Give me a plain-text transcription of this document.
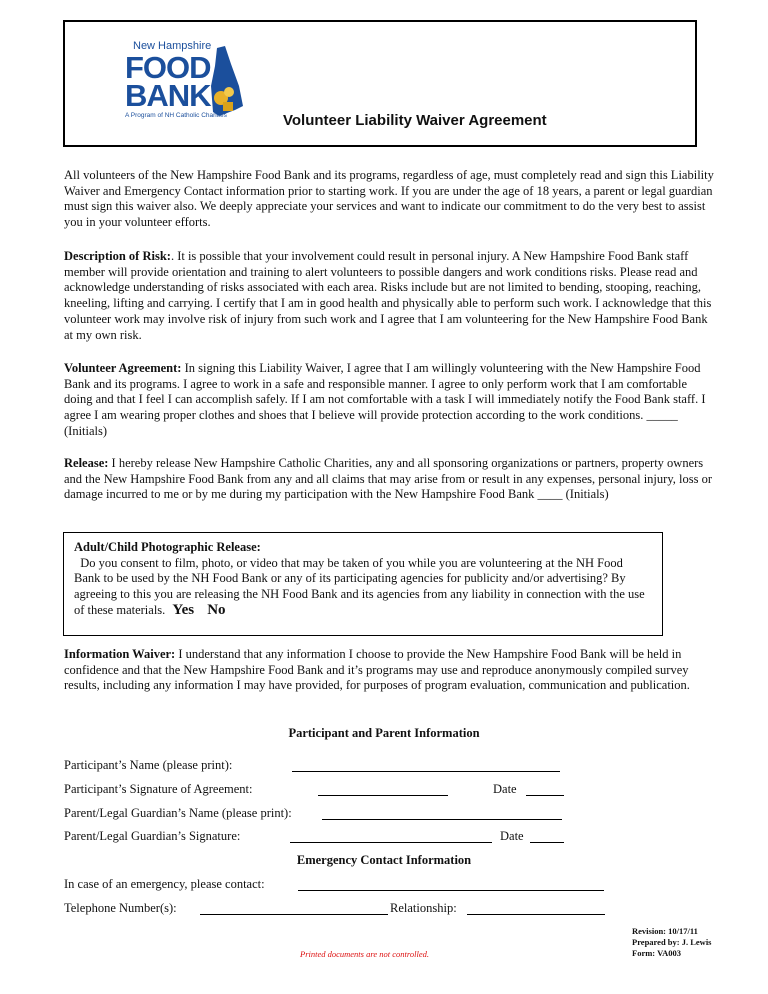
New Hampshire
FOOD
BANK
A Program of NH Catholic Charities	Volunteer Liability Waiver Agreement

All volunteers of the New Hampshire Food Bank and its programs, regardless of age, must completely read and sign this Liability Waiver and Emergency Contact information prior to starting work. If you are under the age of 18 years, a parent or legal guardian must sign this waiver also. We deeply appreciate your services and want to indicate our commitment to do the very best to assist you in your volunteer efforts.

Description of Risk:. It is possible that your involvement could result in personal injury. A New Hampshire Food Bank staff member will provide orientation and training to alert volunteers to possible dangers and work conditions risks. Please read and acknowledge understanding of risks associated with each area. Risks include but are not limited to bending, stooping, reaching, kneeling, lifting and carrying. I certify that I am in good health and physically able to perform such work. I acknowledge that this volunteer work may involve risk of injury from such work and I agree that I am volunteering for the New Hampshire Food Bank at my own risk.

Volunteer Agreement: In signing this Liability Waiver, I agree that I am willingly volunteering with the New Hampshire Food Bank and its programs. I agree to work in a safe and responsible manner. I agree to only perform work that I am comfortable doing and that I feel I can accomplish safely. If I am not comfortable with a task I will immediately notify the Food Bank staff. I agree I am wearing proper clothes and shoes that I believe will provide protection according to the work conditions. _____ (Initials)

Release: I hereby release New Hampshire Catholic Charities, any and all sponsoring organizations or partners, property owners and the New Hampshire Food Bank from any and all claims that may arise from or result in any expenses, personal injury, loss or damage incurred to me or by me during my participation with the New Hampshire Food Bank ____ (Initials)

Adult/Child Photographic Release:
Do you consent to film, photo, or video that may be taken of you while you are volunteering at the NH Food Bank to be used by the NH Food Bank or any of its participating agencies for publicity and/or advertising? By agreeing to this you are releasing the NH Food Bank and its agencies from any liability in connection with the use of these materials. Yes No

Information Waiver: I understand that any information I choose to provide the New Hampshire Food Bank will be held in confidence and that the New Hampshire Food Bank and it’s programs may use and reproduce anonymously compiled survey results, including any information I may have provided, for purposes of program evaluation, communication and publication.

Participant and Parent Information
Participant’s Name (please print):
Participant’s Signature of Agreement:	Date
Parent/Legal Guardian’s Name (please print):
Parent/Legal Guardian’s Signature:	Date
Emergency Contact Information
In case of an emergency, please contact:
Telephone Number(s):	Relationship:
Printed documents are not controlled.
Revision: 10/17/11
Prepared by: J. Lewis
Form: VA003
